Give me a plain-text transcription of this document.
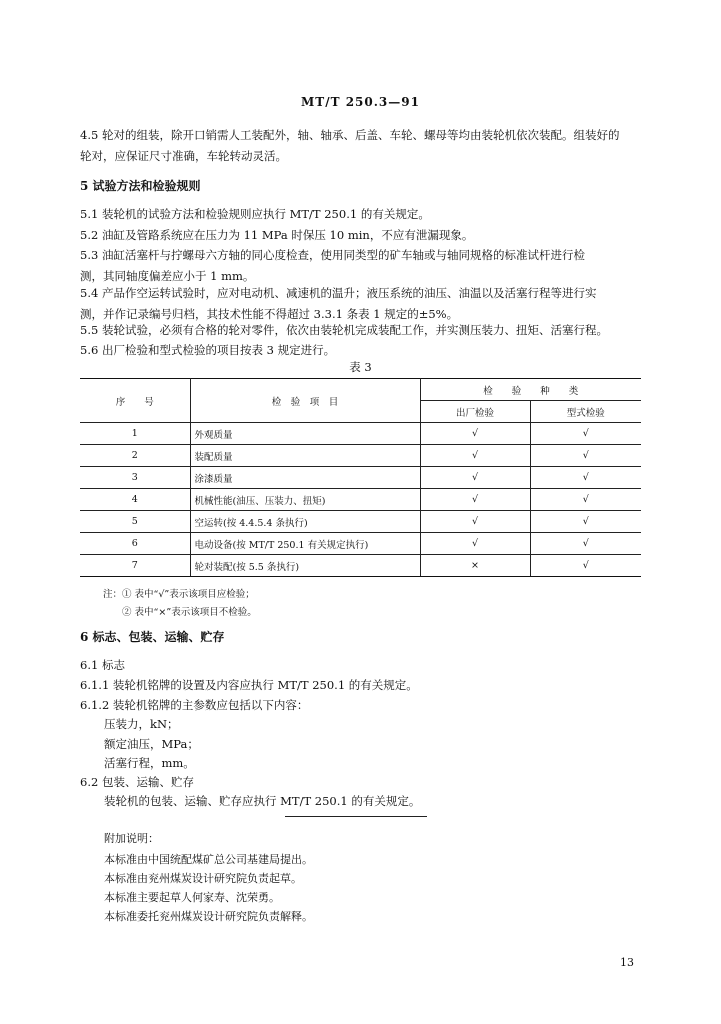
MT/T 250.3—91
4.5 轮对的组装，除开口销需人工装配外，轴、轴承、后盖、车轮、螺母等均由装轮机依次装配。组装好的
轮对，应保证尺寸准确，车轮转动灵活。
5 试验方法和检验规则
5.1 装轮机的试验方法和检验规则应执行 MT/T 250.1 的有关规定。
5.2 油缸及管路系统应在压力为 11 MPa 时保压 10 min，不应有泄漏现象。
5.3 油缸活塞杆与拧螺母六方轴的同心度检查，使用同类型的矿车轴或与轴同规格的标准试杆进行检
测，其同轴度偏差应小于 1 mm。
5.4 产品作空运转试验时，应对电动机、减速机的温升；液压系统的油压、油温以及活塞行程等进行实
测，并作记录编号归档，其技术性能不得超过 3.3.1 条表 1 规定的±5%。
5.5 装轮试验，必须有合格的轮对零件，依次由装轮机完成装配工作，并实测压装力、扭矩、活塞行程。
5.6 出厂检验和型式检验的项目按表 3 规定进行。
表 3
序　　号	检　验　项　目	检　　验　　种　　类	
		出厂检验	型式检验
1	外观质量	√	√
2	装配质量	√	√
3	涂漆质量	√	√
4	机械性能(油压、压装力、扭矩)	√	√
5	空运转(按 4.4.5.4 条执行)	√	√
6	电动设备(按 MT/T 250.1 有关规定执行)	√	√
7	轮对装配(按 5.5 条执行)	×	√
注：① 表中“√”表示该项目应检验；
② 表中“×”表示该项目不检验。
6 标志、包装、运输、贮存
6.1 标志
6.1.1 装轮机铭牌的设置及内容应执行 MT/T 250.1 的有关规定。
6.1.2 装轮机铭牌的主参数应包括以下内容：
压装力，kN；
额定油压，MPa；
活塞行程，mm。
6.2 包装、运输、贮存
装轮机的包装、运输、贮存应执行 MT/T 250.1 的有关规定。
附加说明：
本标准由中国统配煤矿总公司基建局提出。
本标准由兖州煤炭设计研究院负责起草。
本标准主要起草人何家寿、沈荣勇。
本标准委托兖州煤炭设计研究院负责解释。
13
